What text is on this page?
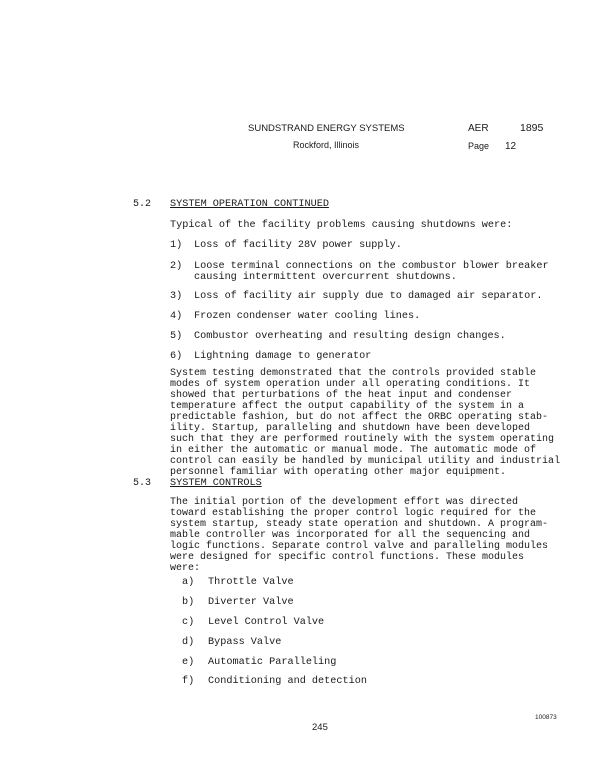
SUNDSTRAND ENERGY SYSTEMS
Rockford, Illinois
AER	1895
Page 12
5.2 SYSTEM OPERATION CONTINUED
Typical of the facility problems causing shutdowns were:
1) Loss of facility 28V power supply.
2) Loose terminal connections on the combustor blower breaker
causing intermittent overcurrent shutdowns.
3) Loss of facility air supply due to damaged air separator.
4) Frozen condenser water cooling lines.
5) Combustor overheating and resulting design changes.
6) Lightning damage to generator
System testing demonstrated that the controls provided stable
modes of system operation under all operating conditions. It
showed that perturbations of the heat input and condenser
temperature affect the output capability of the system in a
predictable fashion, but do not affect the ORBC operating stab-
ility. Startup, paralleling and shutdown have been developed
such that they are performed routinely with the system operating
in either the automatic or manual mode. The automatic mode of
control can easily be handled by municipal utility and industrial
personnel familiar with operating other major equipment.
5.3 SYSTEM CONTROLS
The initial portion of the development effort was directed
toward establishing the proper control logic required for the
system startup, steady state operation and shutdown. A program-
mable controller was incorporated for all the sequencing and
logic functions. Separate control valve and paralleling modules
were designed for specific control functions. These modules
were:
a) Throttle Valve
b) Diverter Valve
c) Level Control Valve
d) Bypass Valve
e) Automatic Paralleling
f) Conditioning and detection
245
100873
